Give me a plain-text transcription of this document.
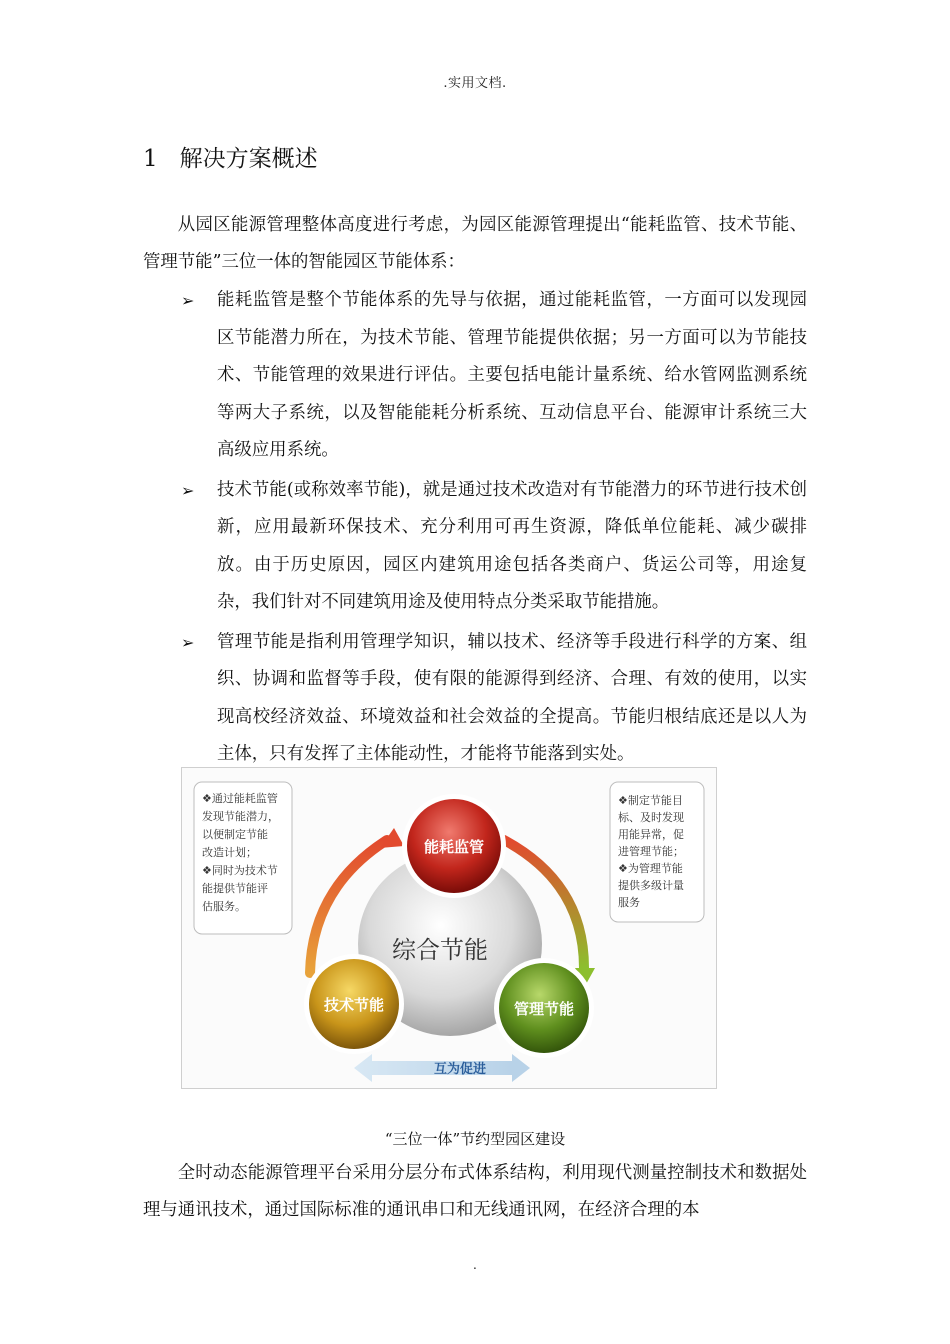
.实用文档.
1 解决方案概述

从园区能源管理整体高度进行考虑，为园区能源管理提出“能耗监管、技术节能、管理节能”三位一体的智能园区节能体系：

➢ 能耗监管是整个节能体系的先导与依据，通过能耗监管，一方面可以发现园区节能潜力所在，为技术节能、管理节能提供依据；另一方面可以为节能技术、节能管理的效果进行评估。主要包括电能计量系统、给水管网监测系统等两大子系统，以及智能能耗分析系统、互动信息平台、能源审计系统三大高级应用系统。
➢ 技术节能(或称效率节能)，就是通过技术改造对有节能潜力的环节进行技术创新，应用最新环保技术、充分利用可再生资源，降低单位能耗、减少碳排放。由于历史原因，园区内建筑用途包括各类商户、货运公司等，用途复杂，我们针对不同建筑用途及使用特点分类采取节能措施。
➢ 管理节能是指利用管理学知识，辅以技术、经济等手段进行科学的方案、组织、协调和监督等手段，使有限的能源得到经济、合理、有效的使用，以实现高校经济效益、环境效益和社会效益的全提高。节能归根结底还是以人为主体，只有发挥了主体能动性，才能将节能落到实处。
❖通过能耗监管发现节能潜力，以便制定节能改造计划；❖同时为技术节能提供节能评估服务。
❖制定节能目标、及时发现用能异常，促进管理节能；❖为管理节能提供多级计量服务
互为促进
综合节能
能耗监管
技术节能	管理节能
“三位一体”节约型园区建设

全时动态能源管理平台采用分层分布式体系结构，利用现代测量控制技术和数据处理与通讯技术，通过国际标准的通讯串口和无线通讯网，在经济合理的本

.
